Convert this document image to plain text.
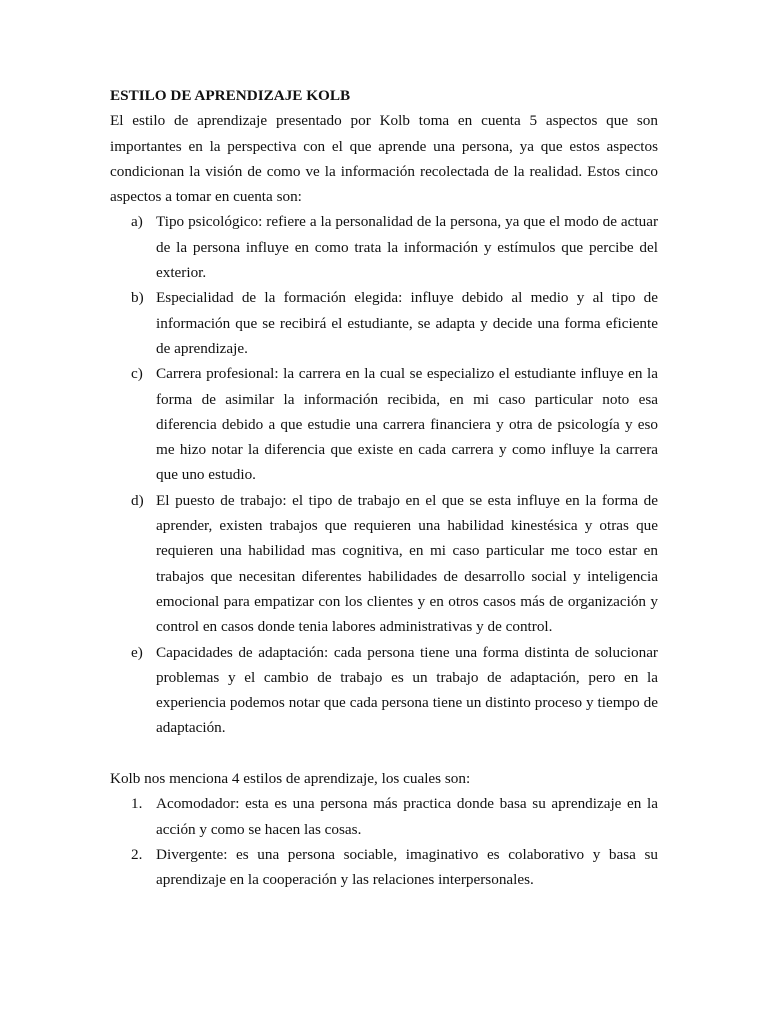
ESTILO DE APRENDIZAJE KOLB

El estilo de aprendizaje presentado por Kolb toma en cuenta 5 aspectos que son importantes en la perspectiva con el que aprende una persona, ya que estos aspectos condicionan la visión de como ve la información recolectada de la realidad. Estos cinco aspectos a tomar en cuenta son:

a) Tipo psicológico: refiere a la personalidad de la persona, ya que el modo de actuar de la persona influye en como trata la información y estímulos que percibe del exterior.
b) Especialidad de la formación elegida: influye debido al medio y al tipo de información que se recibirá el estudiante, se adapta y decide una forma eficiente de aprendizaje.
c) Carrera profesional: la carrera en la cual se especializo el estudiante influye en la forma de asimilar la información recibida, en mi caso particular noto esa diferencia debido a que estudie una carrera financiera y otra de psicología y eso me hizo notar la diferencia que existe en cada carrera y como influye la carrera que uno estudio.
d) El puesto de trabajo: el tipo de trabajo en el que se esta influye en la forma de aprender, existen trabajos que requieren una habilidad kinestésica y otras que requieren una habilidad mas cognitiva, en mi caso particular me toco estar en trabajos que necesitan diferentes habilidades de desarrollo social y inteligencia emocional para empatizar con los clientes y en otros casos más de organización y control en casos donde tenia labores administrativas y de control.
e) Capacidades de adaptación: cada persona tiene una forma distinta de solucionar problemas y el cambio de trabajo es un trabajo de adaptación, pero en la experiencia podemos notar que cada persona tiene un distinto proceso y tiempo de adaptación.

Kolb nos menciona 4 estilos de aprendizaje, los cuales son:

1. Acomodador: esta es una persona más practica donde basa su aprendizaje en la acción y como se hacen las cosas.
2. Divergente: es una persona sociable, imaginativo es colaborativo y basa su aprendizaje en la cooperación y las relaciones interpersonales.
